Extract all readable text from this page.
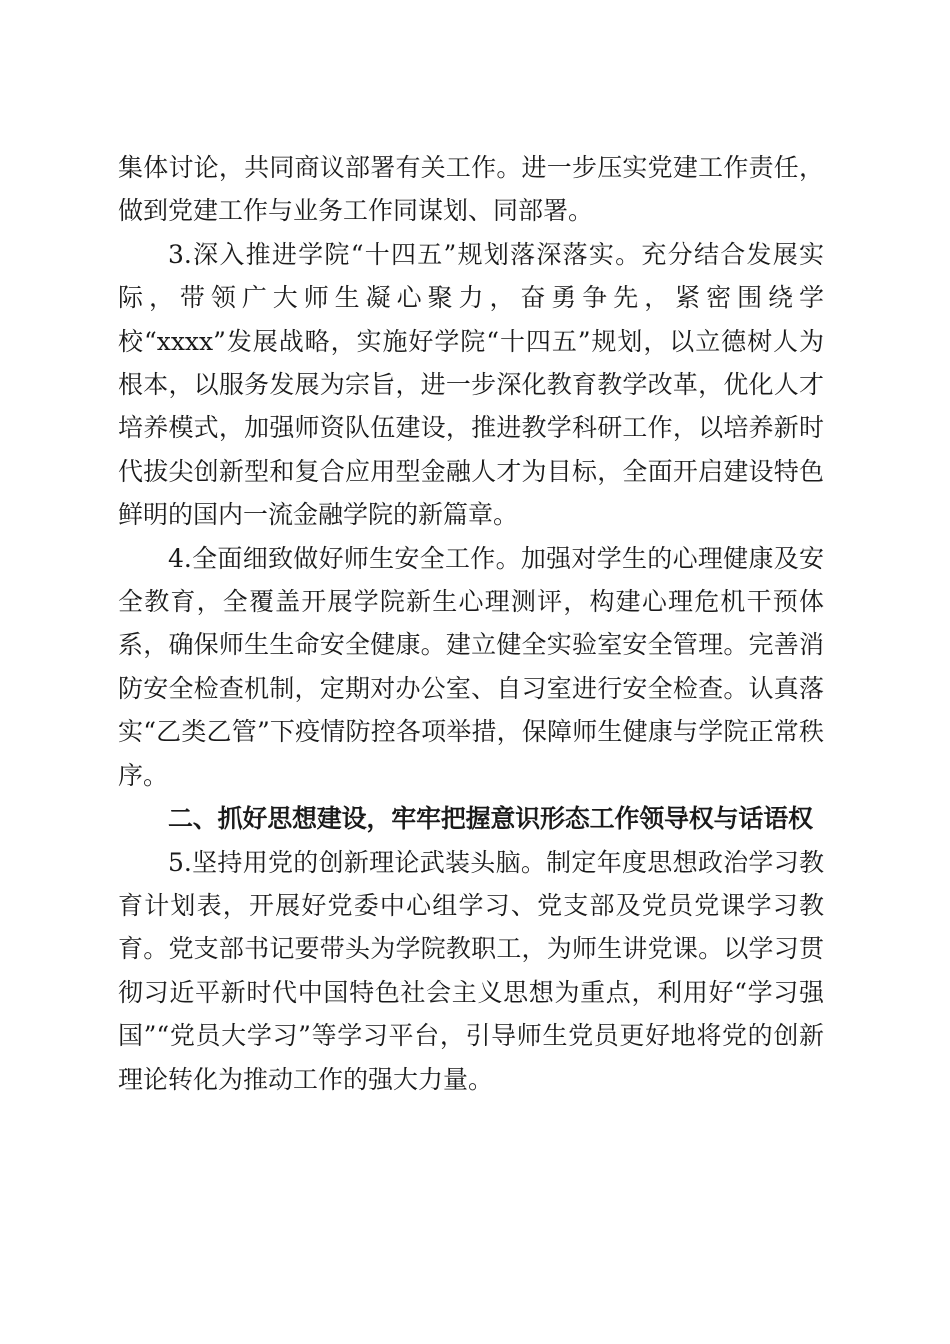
集体讨论，共同商议部署有关工作。进一步压实党建工作责任，做到党建工作与业务工作同谋划、同部署。

3.深入推进学院“十四五”规划落深落实。充分结合发展实际，带领广大师生凝心聚力，奋勇争先，紧密围绕学校“xxxx”发展战略，实施好学院“十四五”规划，以立德树人为根本，以服务发展为宗旨，进一步深化教育教学改革，优化人才培养模式，加强师资队伍建设，推进教学科研工作，以培养新时代拔尖创新型和复合应用型金融人才为目标，全面开启建设特色鲜明的国内一流金融学院的新篇章。

4.全面细致做好师生安全工作。加强对学生的心理健康及安全教育，全覆盖开展学院新生心理测评，构建心理危机干预体系，确保师生生命安全健康。建立健全实验室安全管理。完善消防安全检查机制，定期对办公室、自习室进行安全检查。认真落实“乙类乙管”下疫情防控各项举措，保障师生健康与学院正常秩序。

二、抓好思想建设，牢牢把握意识形态工作领导权与话语权

5.坚持用党的创新理论武装头脑。制定年度思想政治学习教育计划表，开展好党委中心组学习、党支部及党员党课学习教育。党支部书记要带头为学院教职工，为师生讲党课。以学习贯彻习近平新时代中国特色社会主义思想为重点，利用好“学习强国”“党员大学习”等学习平台，引导师生党员更好地将党的创新理论转化为推动工作的强大力量。
